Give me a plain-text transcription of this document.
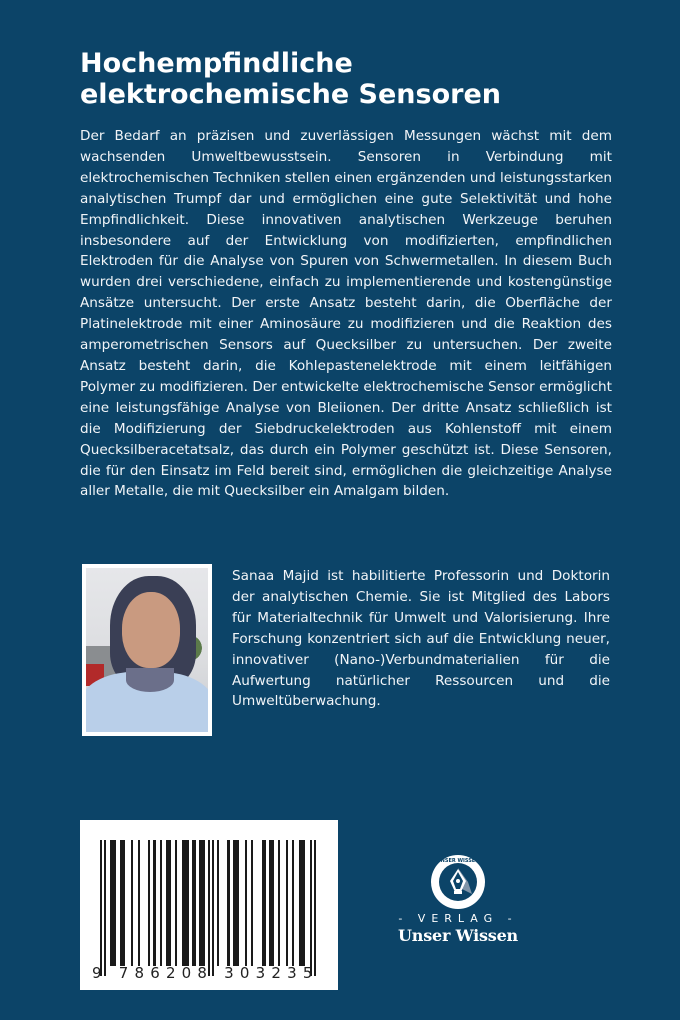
Hochempfindliche
elektrochemische Sensoren

Der Bedarf an präzisen und zuverlässigen Messungen wächst mit dem wachsenden Umweltbewusstsein. Sensoren in Verbindung mit elektrochemischen Techniken stellen einen ergänzenden und leistungsstarken analytischen Trumpf dar und ermöglichen eine gute Selektivität und hohe Empfindlichkeit. Diese innovativen analytischen Werkzeuge beruhen insbesondere auf der Entwicklung von modifizierten, empfindlichen Elektroden für die Analyse von Spuren von Schwermetallen. In diesem Buch wurden drei verschiedene, einfach zu implementierende und kostengünstige Ansätze untersucht. Der erste Ansatz besteht darin, die Oberfläche der Platinelektrode mit einer Aminosäure zu modifizieren und die Reaktion des amperometrischen Sensors auf Quecksilber zu untersuchen. Der zweite Ansatz besteht darin, die Kohlepastenelektrode mit einem leitfähigen Polymer zu modifizieren. Der entwickelte elektrochemische Sensor ermöglicht eine leistungsfähige Analyse von Bleiionen. Der dritte Ansatz schließlich ist die Modifizierung der Siebdruckelektroden aus Kohlenstoff mit einem Quecksilberacetatsalz, das durch ein Polymer geschützt ist. Diese Sensoren, die für den Einsatz im Feld bereit sind, ermöglichen die gleichzeitige Analyse aller Metalle, die mit Quecksilber ein Amalgam bilden.

Sanaa Majid ist habilitierte Professorin und Doktorin der analytischen Chemie. Sie ist Mitglied des Labors für Materialtechnik für Umwelt und Valorisierung. Ihre Forschung konzentriert sich auf die Entwicklung neuer, innovativer (Nano-)Verbundmaterialien für die Aufwertung natürlicher Ressourcen und die Umweltüberwachung.

9 786208 303235
UNSER WISSEN
- VERLAG -
Unser Wissen
